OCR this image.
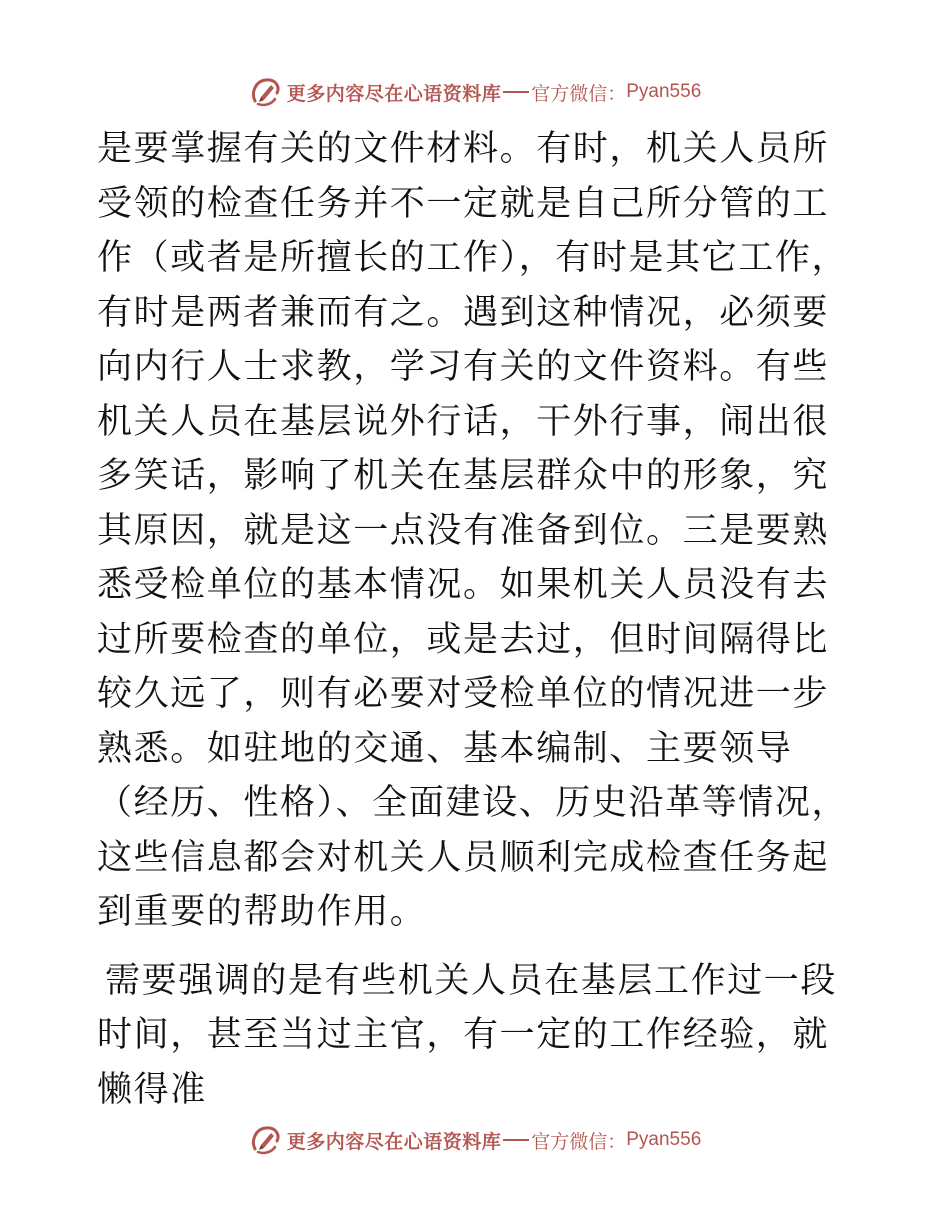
更多内容尽在心语资料库 官方微信： Pyan556

是要掌握有关的文件材料。有时，机关人员所受领的检查任务并不一定就是自己所分管的工作（或者是所擅长的工作），有时是其它工作，有时是两者兼而有之。遇到这种情况，必须要向内行人士求教，学习有关的文件资料。有些机关人员在基层说外行话，干外行事，闹出很多笑话，影响了机关在基层群众中的形象，究其原因，就是这一点没有准备到位。三是要熟悉受检单位的基本情况。如果机关人员没有去过所要检查的单位，或是去过，但时间隔得比较久远了，则有必要对受检单位的情况进一步熟悉。如驻地的交通、基本编制、主要领导（经历、性格）、全面建设、历史沿革等情况，这些信息都会对机关人员顺利完成检查任务起到重要的帮助作用。

需要强调的是有些机关人员在基层工作过一段时间，甚至当过主官，有一定的工作经验，就懒得准

更多内容尽在心语资料库 官方微信： Pyan556
